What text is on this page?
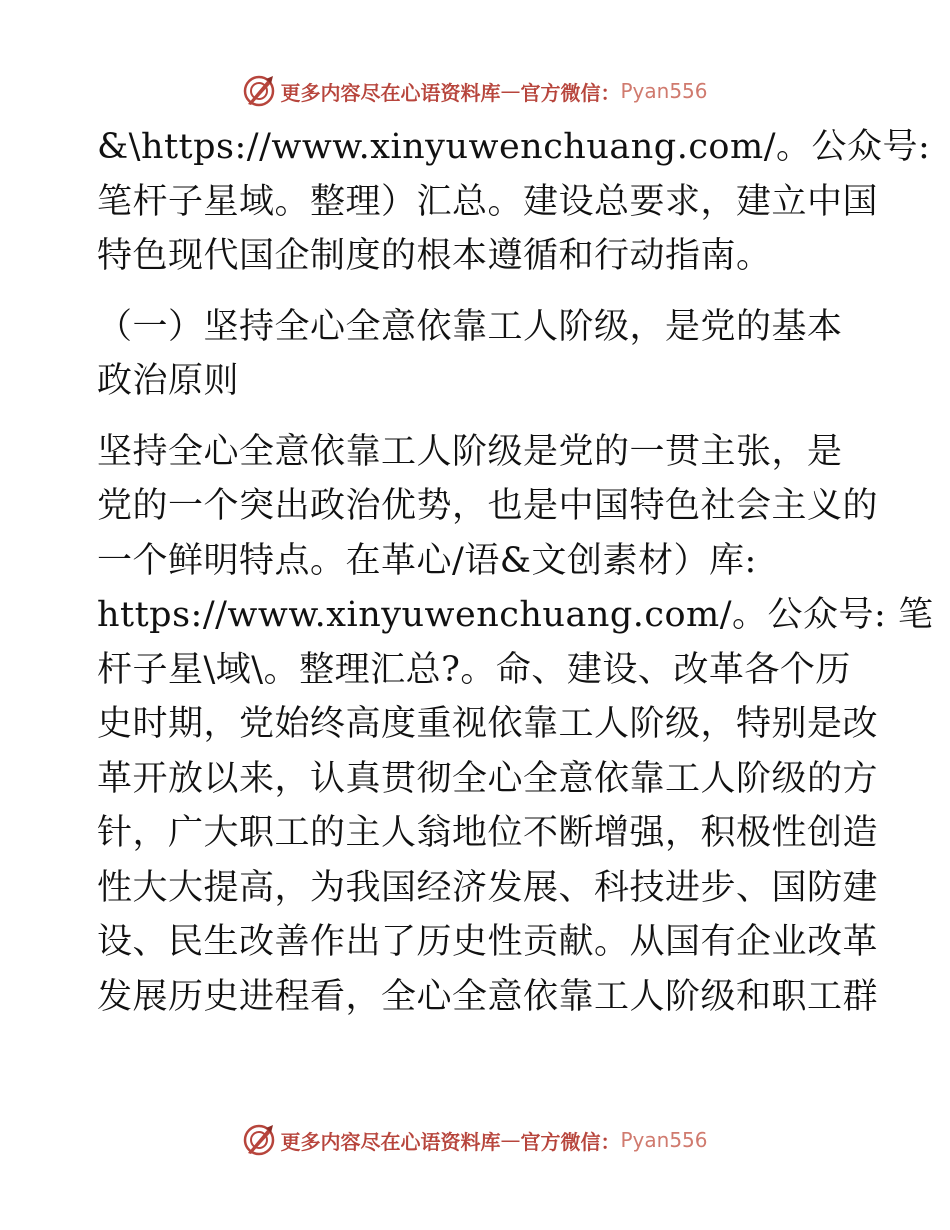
更多内容尽在心语资料库 — 官方微信： Pyan556
&\https://www.xinyuwenchuang.com/。公众号:
笔杆子星域。整理）汇总。建设总要求，建立中国
特色现代国企制度的根本遵循和行动指南。
（一）坚持全心全意依靠工人阶级，是党的基本
政治原则
坚持全心全意依靠工人阶级是党的一贯主张，是
党的一个突出政治优势，也是中国特色社会主义的
一个鲜明特点。在革心/语&文创素材）库:
https://www.xinyuwenchuang.com/。公众号: 笔
杆子星\域\。整理汇总?。命、建设、改革各个历
史时期，党始终高度重视依靠工人阶级，特别是改
革开放以来，认真贯彻全心全意依靠工人阶级的方
针，广大职工的主人翁地位不断增强，积极性创造
性大大提高，为我国经济发展、科技进步、国防建
设、民生改善作出了历史性贡献。从国有企业改革
发展历史进程看，全心全意依靠工人阶级和职工群
更多内容尽在心语资料库 — 官方微信： Pyan556
